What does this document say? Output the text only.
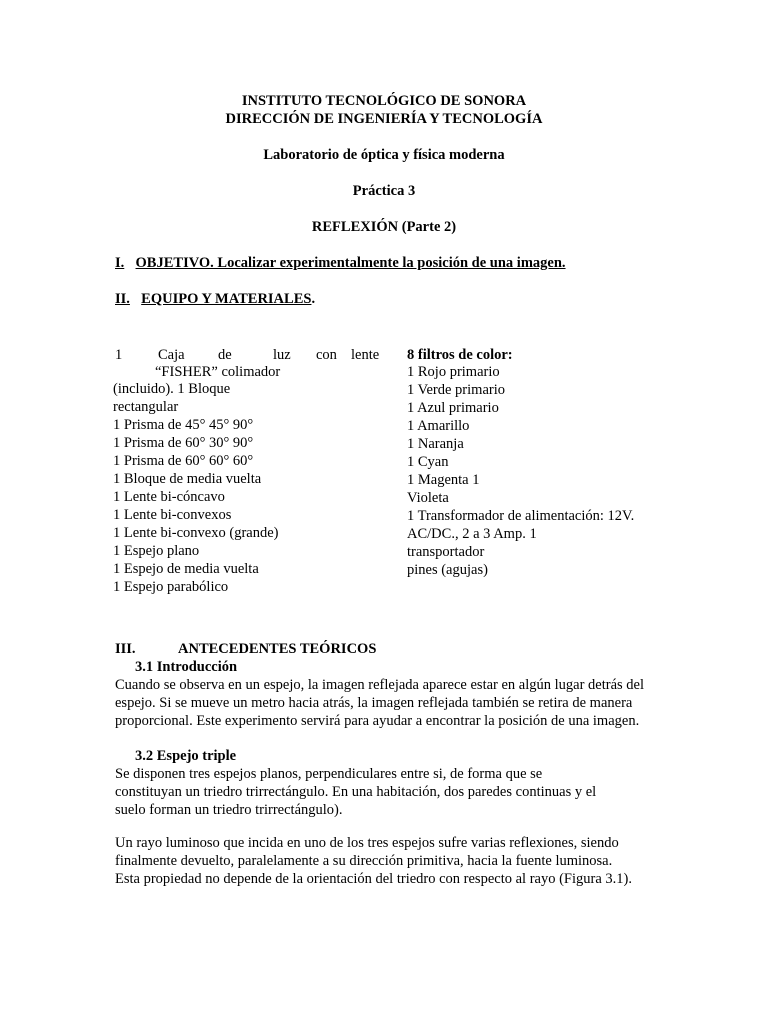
INSTITUTO TECNOLÓGICO DE SONORA
DIRECCIÓN DE INGENIERÍA Y TECNOLOGÍA
Laboratorio de óptica y física moderna
Práctica 3
REFLEXIÓN (Parte 2)
I. OBJETIVO. Localizar experimentalmente la posición de una imagen.
II. EQUIPO Y MATERIALES.
1 Caja de	luz con lente
“FISHER” colimador
(incluido). 1 Bloque
rectangular
1 Prisma de 45° 45° 90°
1 Prisma de 60° 30° 90°
1 Prisma de 60° 60° 60°
1 Bloque de media vuelta
1 Lente bi-cóncavo
1 Lente bi-convexos
1 Lente bi-convexo (grande)
1 Espejo plano
1 Espejo de media vuelta
1 Espejo parabólico
8 filtros de color:
1 Rojo primario
1 Verde primario
1 Azul primario
1 Amarillo
1 Naranja
1 Cyan
1 Magenta 1
Violeta
1 Transformador de alimentación: 12V.
AC/DC., 2 a 3 Amp. 1
transportador
pines (agujas)
III.	ANTECEDENTES TEÓRICOS
3.1 Introducción
Cuando se observa en un espejo, la imagen reflejada aparece estar en algún lugar detrás del
espejo. Si se mueve un metro hacia atrás, la imagen reflejada también se retira de manera
proporcional. Este experimento servirá para ayudar a encontrar la posición de una imagen.
3.2 Espejo triple
Se disponen tres espejos planos, perpendiculares entre si, de forma que se
constituyan un triedro trirrectángulo. En una habitación, dos paredes continuas y el
suelo forman un triedro trirrectángulo).
Un rayo luminoso que incida en uno de los tres espejos sufre varias reflexiones, siendo
finalmente devuelto, paralelamente a su dirección primitiva, hacia la fuente luminosa.
Esta propiedad no depende de la orientación del triedro con respecto al rayo (Figura 3.1).
